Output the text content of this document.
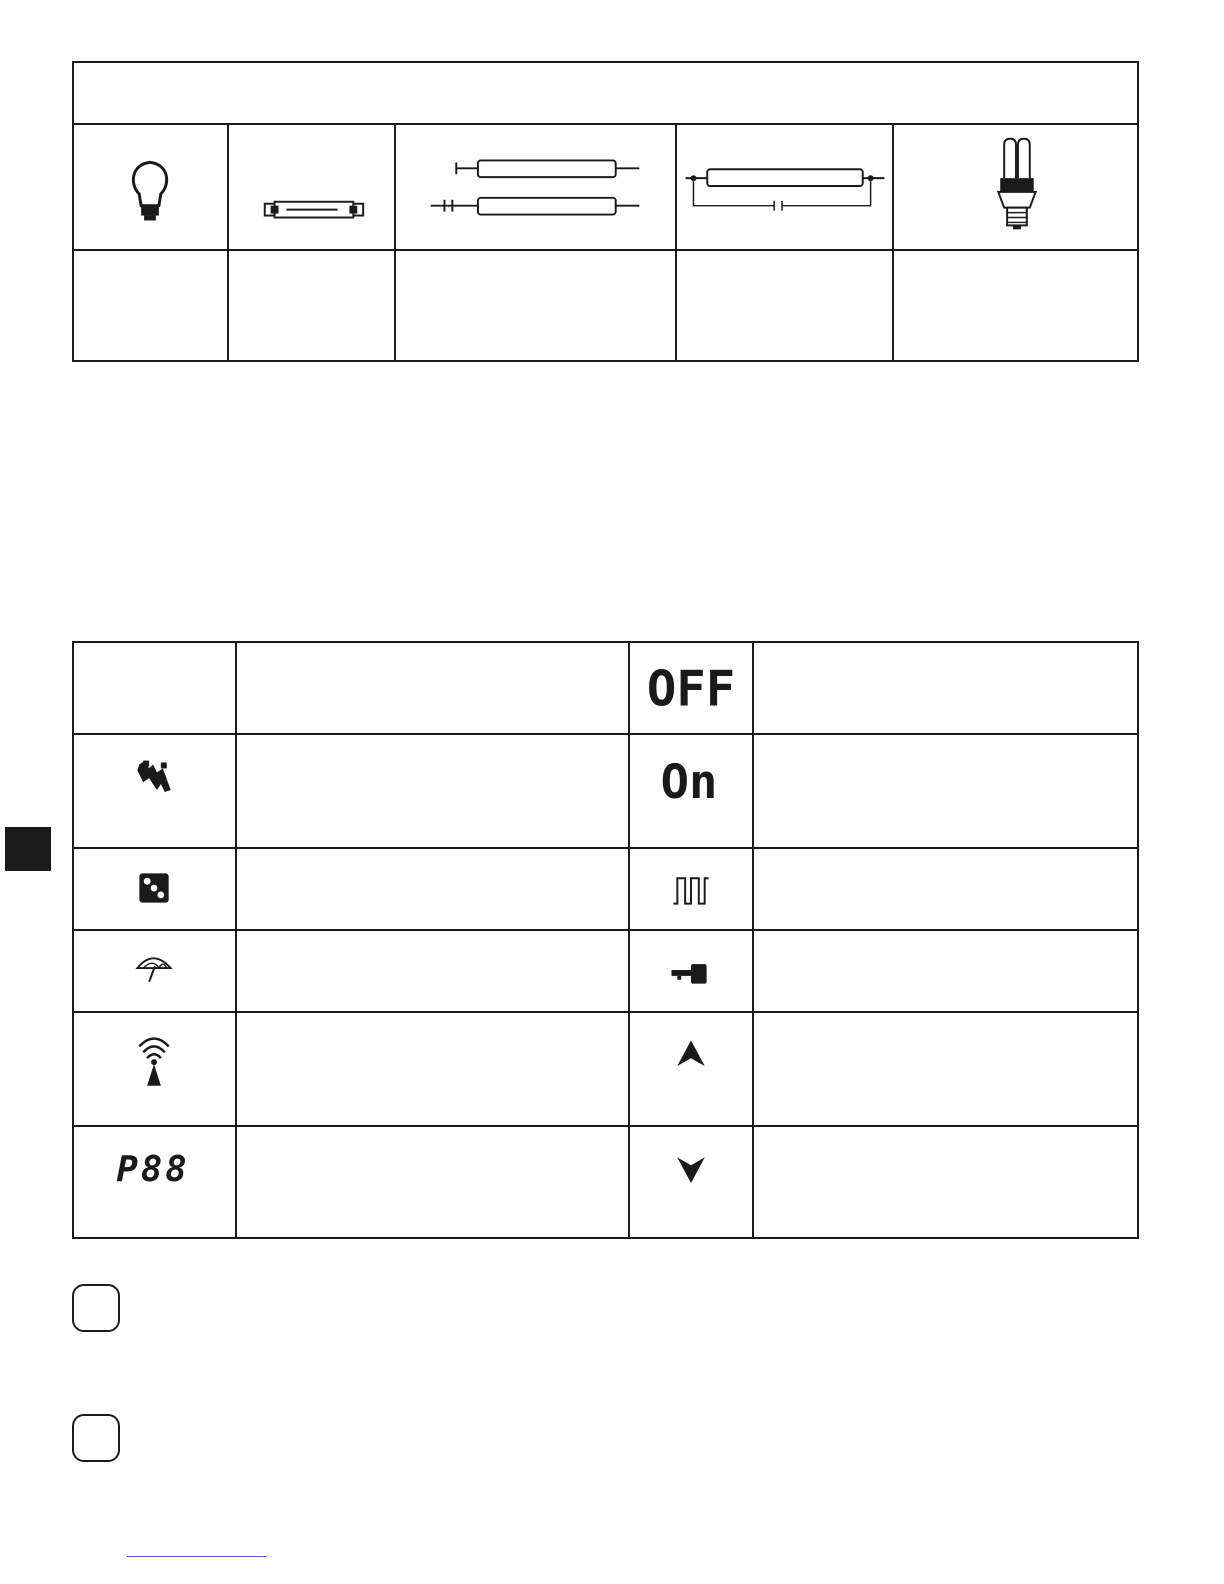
OFF
On
P88
